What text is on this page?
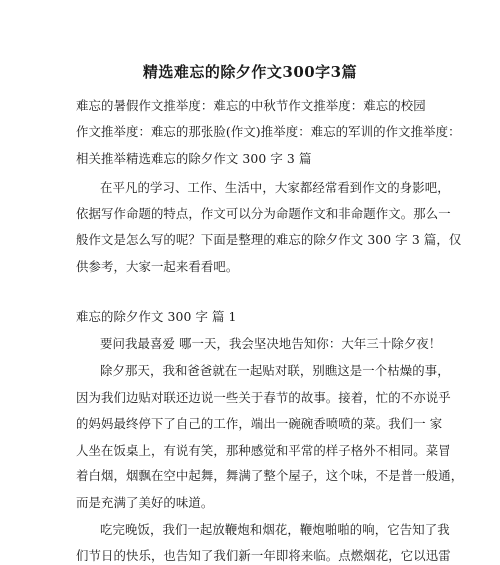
精选难忘的除夕作文300字3篇
难忘的暑假作文推举度：难忘的中秋节作文推举度：难忘的校园
作文推举度：难忘的那张脸(作文)推举度：难忘的军训的作文推举度：
相关推举精选难忘的除夕作文 300 字 3 篇
在平凡的学习、工作、生活中，大家都经常看到作文的身影吧，
依据写作命题的特点，作文可以分为命题作文和非命题作文。那么一
般作文是怎么写的呢？下面是整理的难忘的除夕作文 300 字 3 篇，仅
供参考，大家一起来看看吧。
难忘的除夕作文 300 字 篇 1
要问我最喜爱 哪一天，我会坚决地告知你：大年三十除夕夜！
除夕那天，我和爸爸就在一起贴对联，别瞧这是一个枯燥的事，
因为我们边贴对联还边说一些关于春节的故事。接着，忙的不亦说乎
的妈妈最终停下了自己的工作，端出一碗碗香喷喷的菜。我们一 家
人坐在饭桌上，有说有笑，那种感觉和平常的样子格外不相同。菜冒
着白烟，烟飘在空中起舞，舞满了整个屋子，这个味，不是普一般通，
而是充满了美好的味道。
吃完晚饭，我们一起放鞭炮和烟花，鞭炮啪啪的响，它告知了我
们节日的快乐，也告知了我们新一年即将来临。点燃烟花，它以迅雷
